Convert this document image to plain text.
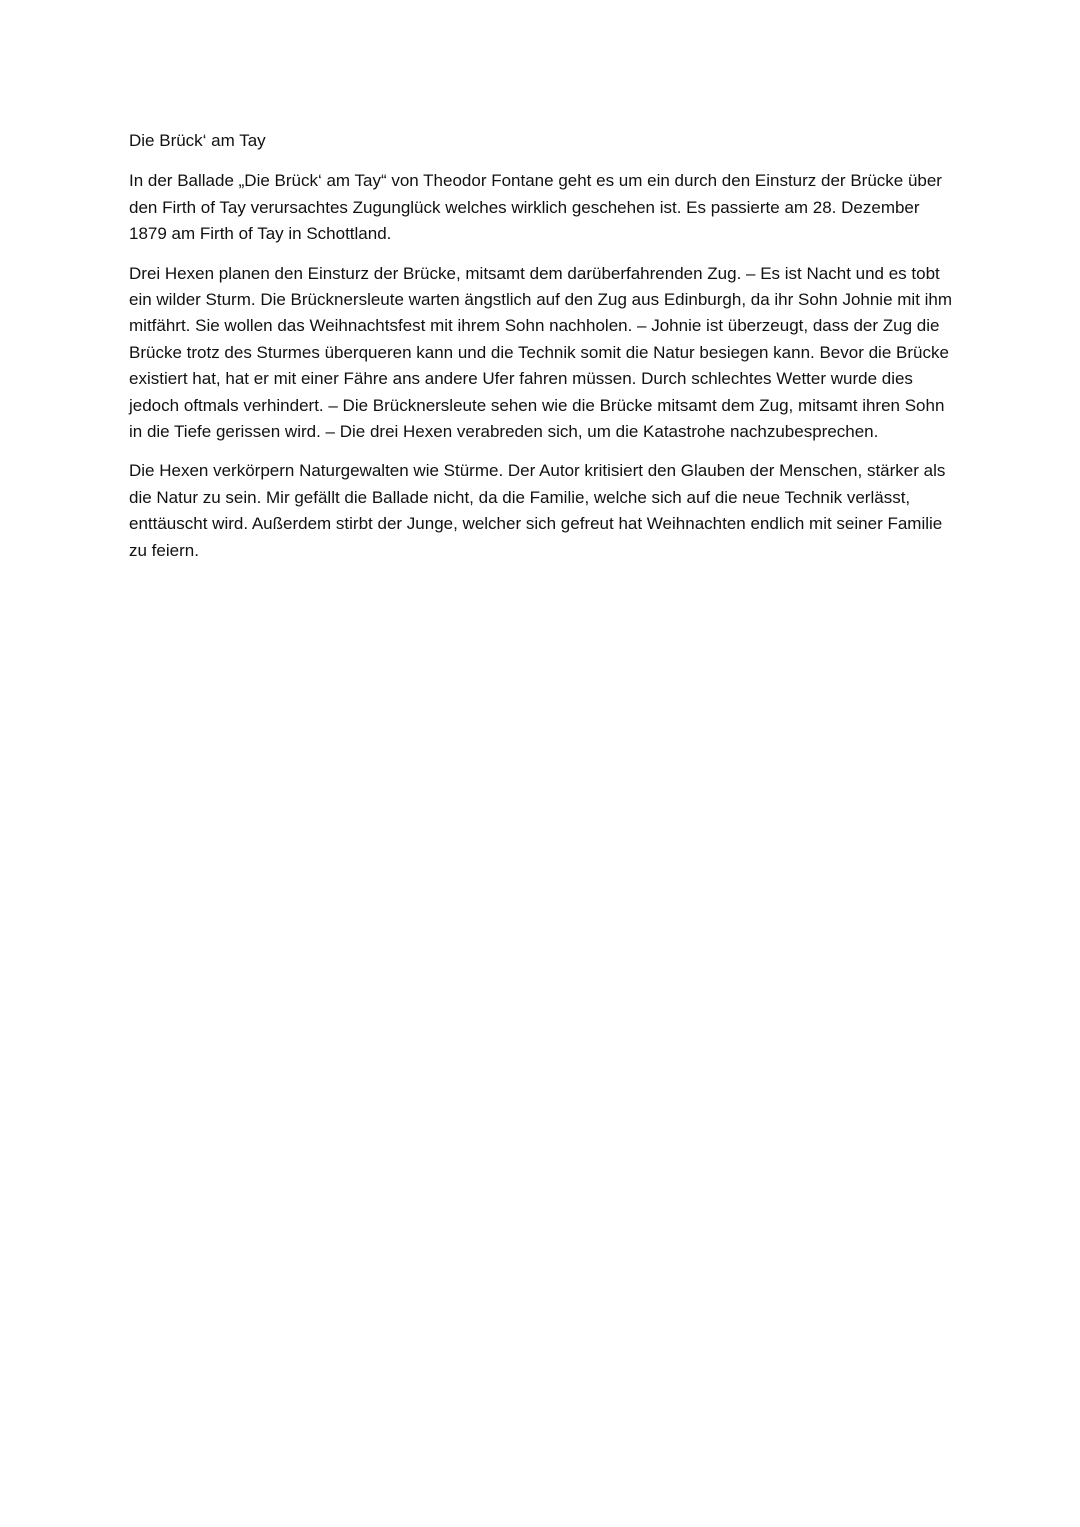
Die Brück‘ am Tay

In der Ballade „Die Brück‘ am Tay“ von Theodor Fontane geht es um ein durch den Einsturz der Brücke über den Firth of Tay verursachtes Zugunglück welches wirklich geschehen ist. Es passierte am 28. Dezember 1879 am Firth of Tay in Schottland.

Drei Hexen planen den Einsturz der Brücke, mitsamt dem darüberfahrenden Zug. – Es ist Nacht und es tobt ein wilder Sturm. Die Brücknersleute warten ängstlich auf den Zug aus Edinburgh, da ihr Sohn Johnie mit ihm mitfährt. Sie wollen das Weihnachtsfest mit ihrem Sohn nachholen. – Johnie ist überzeugt, dass der Zug die Brücke trotz des Sturmes überqueren kann und die Technik somit die Natur besiegen kann. Bevor die Brücke existiert hat, hat er mit einer Fähre ans andere Ufer fahren müssen. Durch schlechtes Wetter wurde dies jedoch oftmals verhindert. – Die Brücknersleute sehen wie die Brücke mitsamt dem Zug, mitsamt ihren Sohn in die Tiefe gerissen wird. – Die drei Hexen verabreden sich, um die Katastrohe nachzubesprechen.

Die Hexen verkörpern Naturgewalten wie Stürme. Der Autor kritisiert den Glauben der Menschen, stärker als die Natur zu sein. Mir gefällt die Ballade nicht, da die Familie, welche sich auf die neue Technik verlässt, enttäuscht wird. Außerdem stirbt der Junge, welcher sich gefreut hat Weihnachten endlich mit seiner Familie zu feiern.
